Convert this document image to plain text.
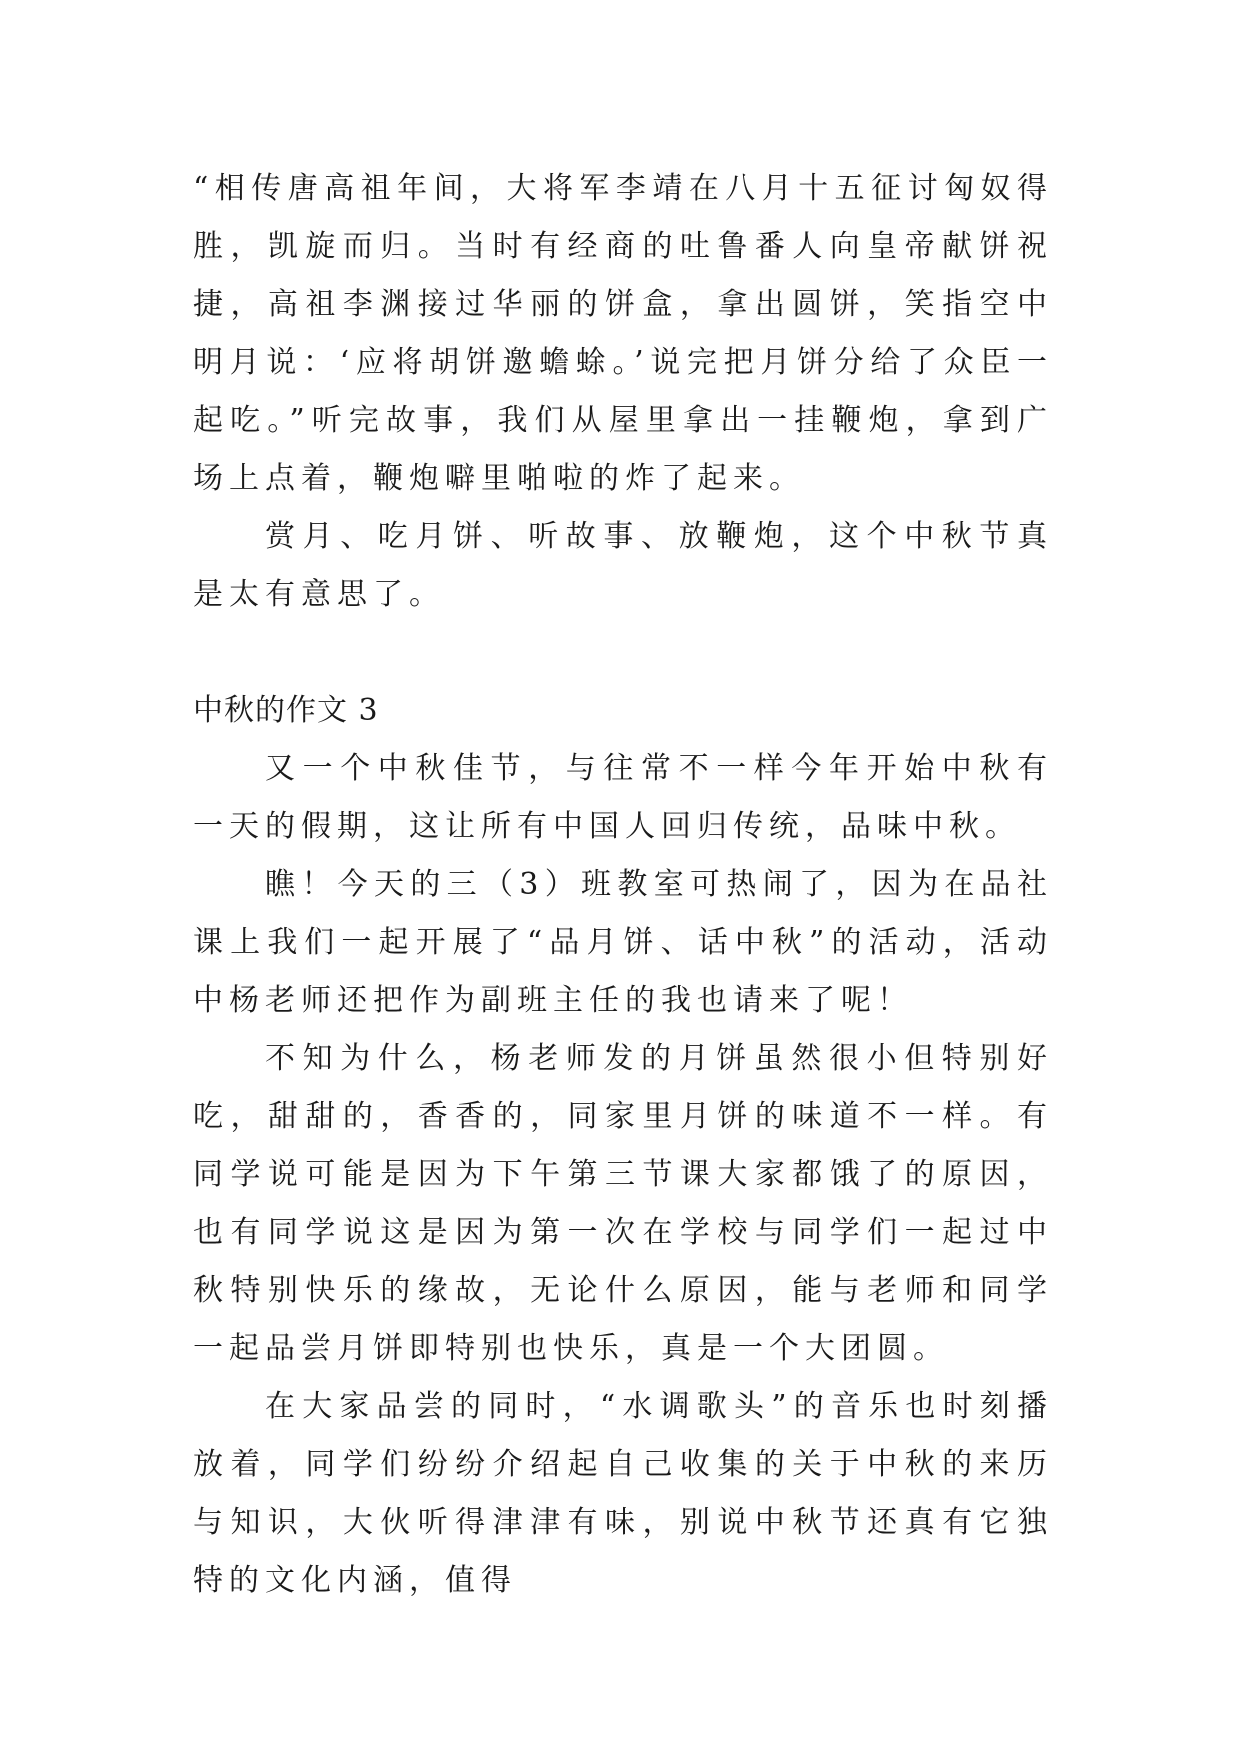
“相传唐高祖年间，大将军李靖在八月十五征讨匈奴得胜，凯旋而归。当时有经商的吐鲁番人向皇帝献饼祝捷，高祖李渊接过华丽的饼盒，拿出圆饼，笑指空中明月说：‘应将胡饼邀蟾蜍。’说完把月饼分给了众臣一起吃。”听完故事，我们从屋里拿出一挂鞭炮，拿到广场上点着，鞭炮噼里啪啦的炸了起来。

赏月、吃月饼、听故事、放鞭炮，这个中秋节真是太有意思了。

中秋的作文 3

又一个中秋佳节，与往常不一样今年开始中秋有一天的假期，这让所有中国人回归传统，品味中秋。

瞧！今天的三（3）班教室可热闹了，因为在品社课上我们一起开展了“品月饼、话中秋”的活动，活动中杨老师还把作为副班主任的我也请来了呢！

不知为什么，杨老师发的月饼虽然很小但特别好吃，甜甜的，香香的，同家里月饼的味道不一样。有同学说可能是因为下午第三节课大家都饿了的原因，也有同学说这是因为第一次在学校与同学们一起过中秋特别快乐的缘故，无论什么原因，能与老师和同学一起品尝月饼即特别也快乐，真是一个大团圆。

在大家品尝的同时，“水调歌头”的音乐也时刻播放着，同学们纷纷介绍起自己收集的关于中秋的来历与知识，大伙听得津津有味，别说中秋节还真有它独特的文化内涵，值得
